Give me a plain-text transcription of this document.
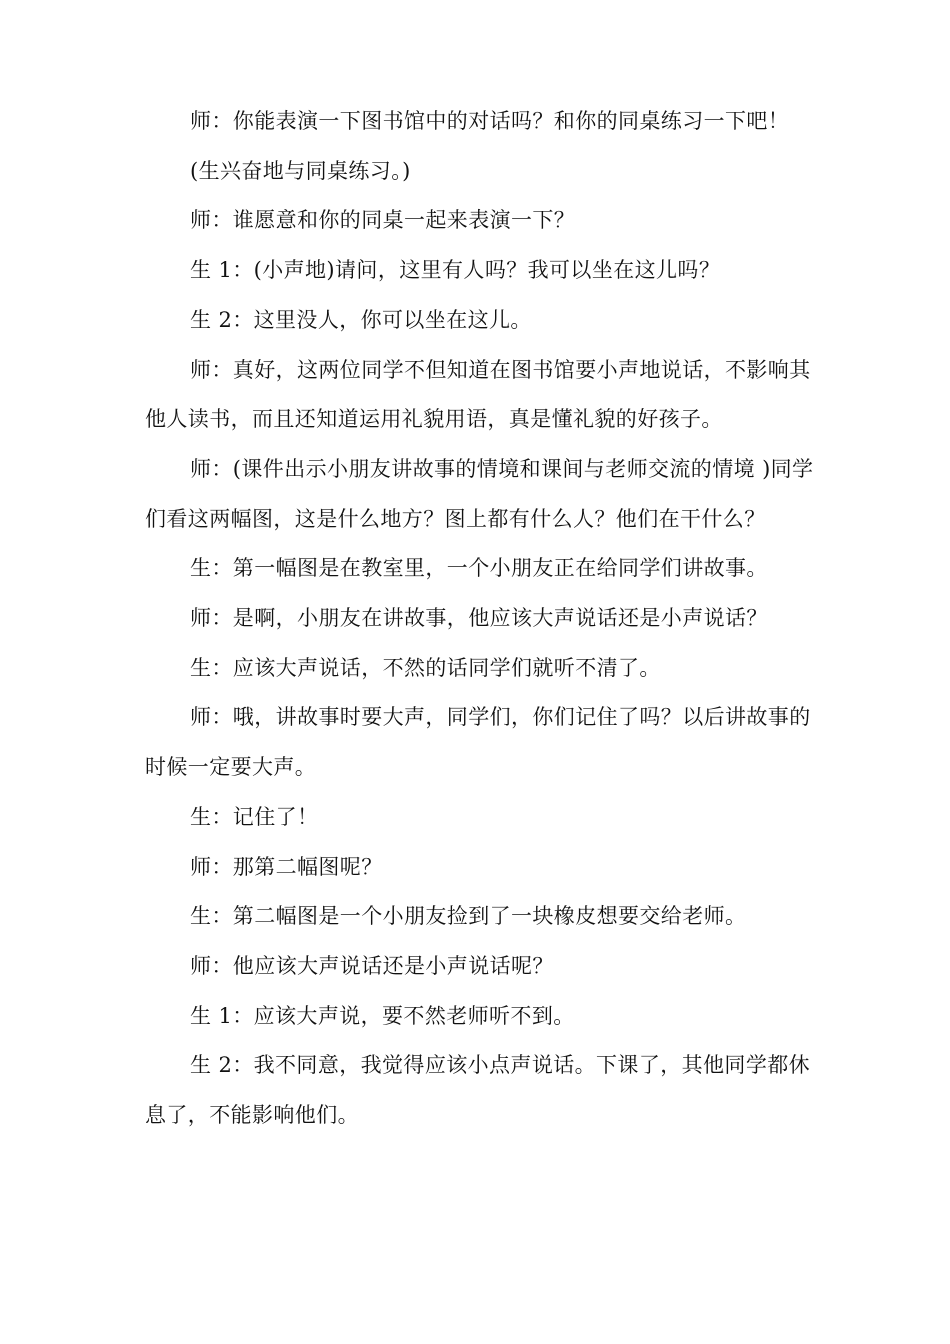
师：你能表演一下图书馆中的对话吗？和你的同桌练习一下吧！

(生兴奋地与同桌练习。)

师：谁愿意和你的同桌一起来表演一下？

生 1：(小声地)请问，这里有人吗？我可以坐在这儿吗？

生 2：这里没人，你可以坐在这儿。

师：真好，这两位同学不但知道在图书馆要小声地说话，不影响其他人读书，而且还知道运用礼貌用语，真是懂礼貌的好孩子。

师：(课件出示小朋友讲故事的情境和课间与老师交流的情境 )同学们看这两幅图，这是什么地方？图上都有什么人？他们在干什么？

生：第一幅图是在教室里，一个小朋友正在给同学们讲故事。

师：是啊，小朋友在讲故事，他应该大声说话还是小声说话？

生：应该大声说话，不然的话同学们就听不清了。

师：哦，讲故事时要大声，同学们，你们记住了吗？以后讲故事的时候一定要大声。

生：记住了！

师：那第二幅图呢？

生：第二幅图是一个小朋友捡到了一块橡皮想要交给老师。

师：他应该大声说话还是小声说话呢？

生 1：应该大声说，要不然老师听不到。

生 2：我不同意，我觉得应该小点声说话。下课了，其他同学都休息了，不能影响他们。
